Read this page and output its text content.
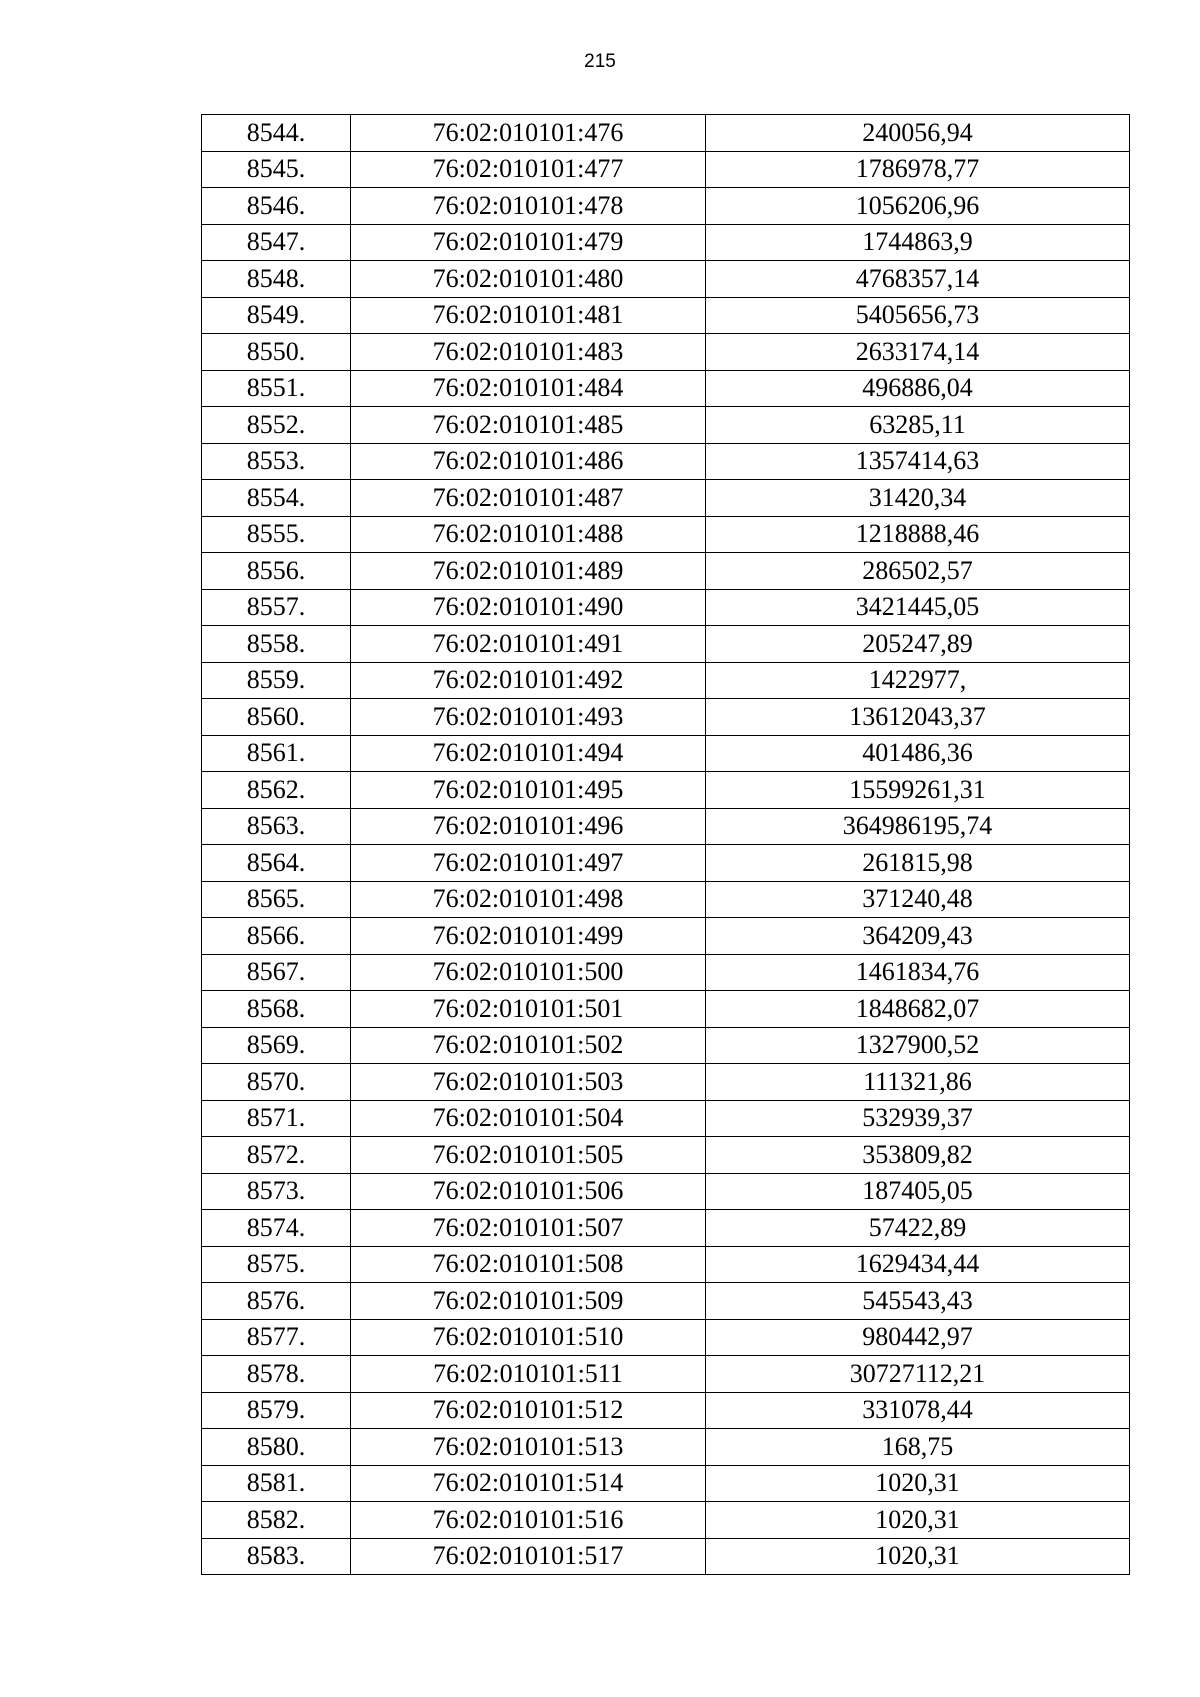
215
8544.	76:02:010101:476	240056,94
8545.	76:02:010101:477	1786978,77
8546.	76:02:010101:478	1056206,96
8547.	76:02:010101:479	1744863,9
8548.	76:02:010101:480	4768357,14
8549.	76:02:010101:481	5405656,73
8550.	76:02:010101:483	2633174,14
8551.	76:02:010101:484	496886,04
8552.	76:02:010101:485	63285,11
8553.	76:02:010101:486	1357414,63
8554.	76:02:010101:487	31420,34
8555.	76:02:010101:488	1218888,46
8556.	76:02:010101:489	286502,57
8557.	76:02:010101:490	3421445,05
8558.	76:02:010101:491	205247,89
8559.	76:02:010101:492	1422977,
8560.	76:02:010101:493	13612043,37
8561.	76:02:010101:494	401486,36
8562.	76:02:010101:495	15599261,31
8563.	76:02:010101:496	364986195,74
8564.	76:02:010101:497	261815,98
8565.	76:02:010101:498	371240,48
8566.	76:02:010101:499	364209,43
8567.	76:02:010101:500	1461834,76
8568.	76:02:010101:501	1848682,07
8569.	76:02:010101:502	1327900,52
8570.	76:02:010101:503	111321,86
8571.	76:02:010101:504	532939,37
8572.	76:02:010101:505	353809,82
8573.	76:02:010101:506	187405,05
8574.	76:02:010101:507	57422,89
8575.	76:02:010101:508	1629434,44
8576.	76:02:010101:509	545543,43
8577.	76:02:010101:510	980442,97
8578.	76:02:010101:511	30727112,21
8579.	76:02:010101:512	331078,44
8580.	76:02:010101:513	168,75
8581.	76:02:010101:514	1020,31
8582.	76:02:010101:516	1020,31
8583.	76:02:010101:517	1020,31
